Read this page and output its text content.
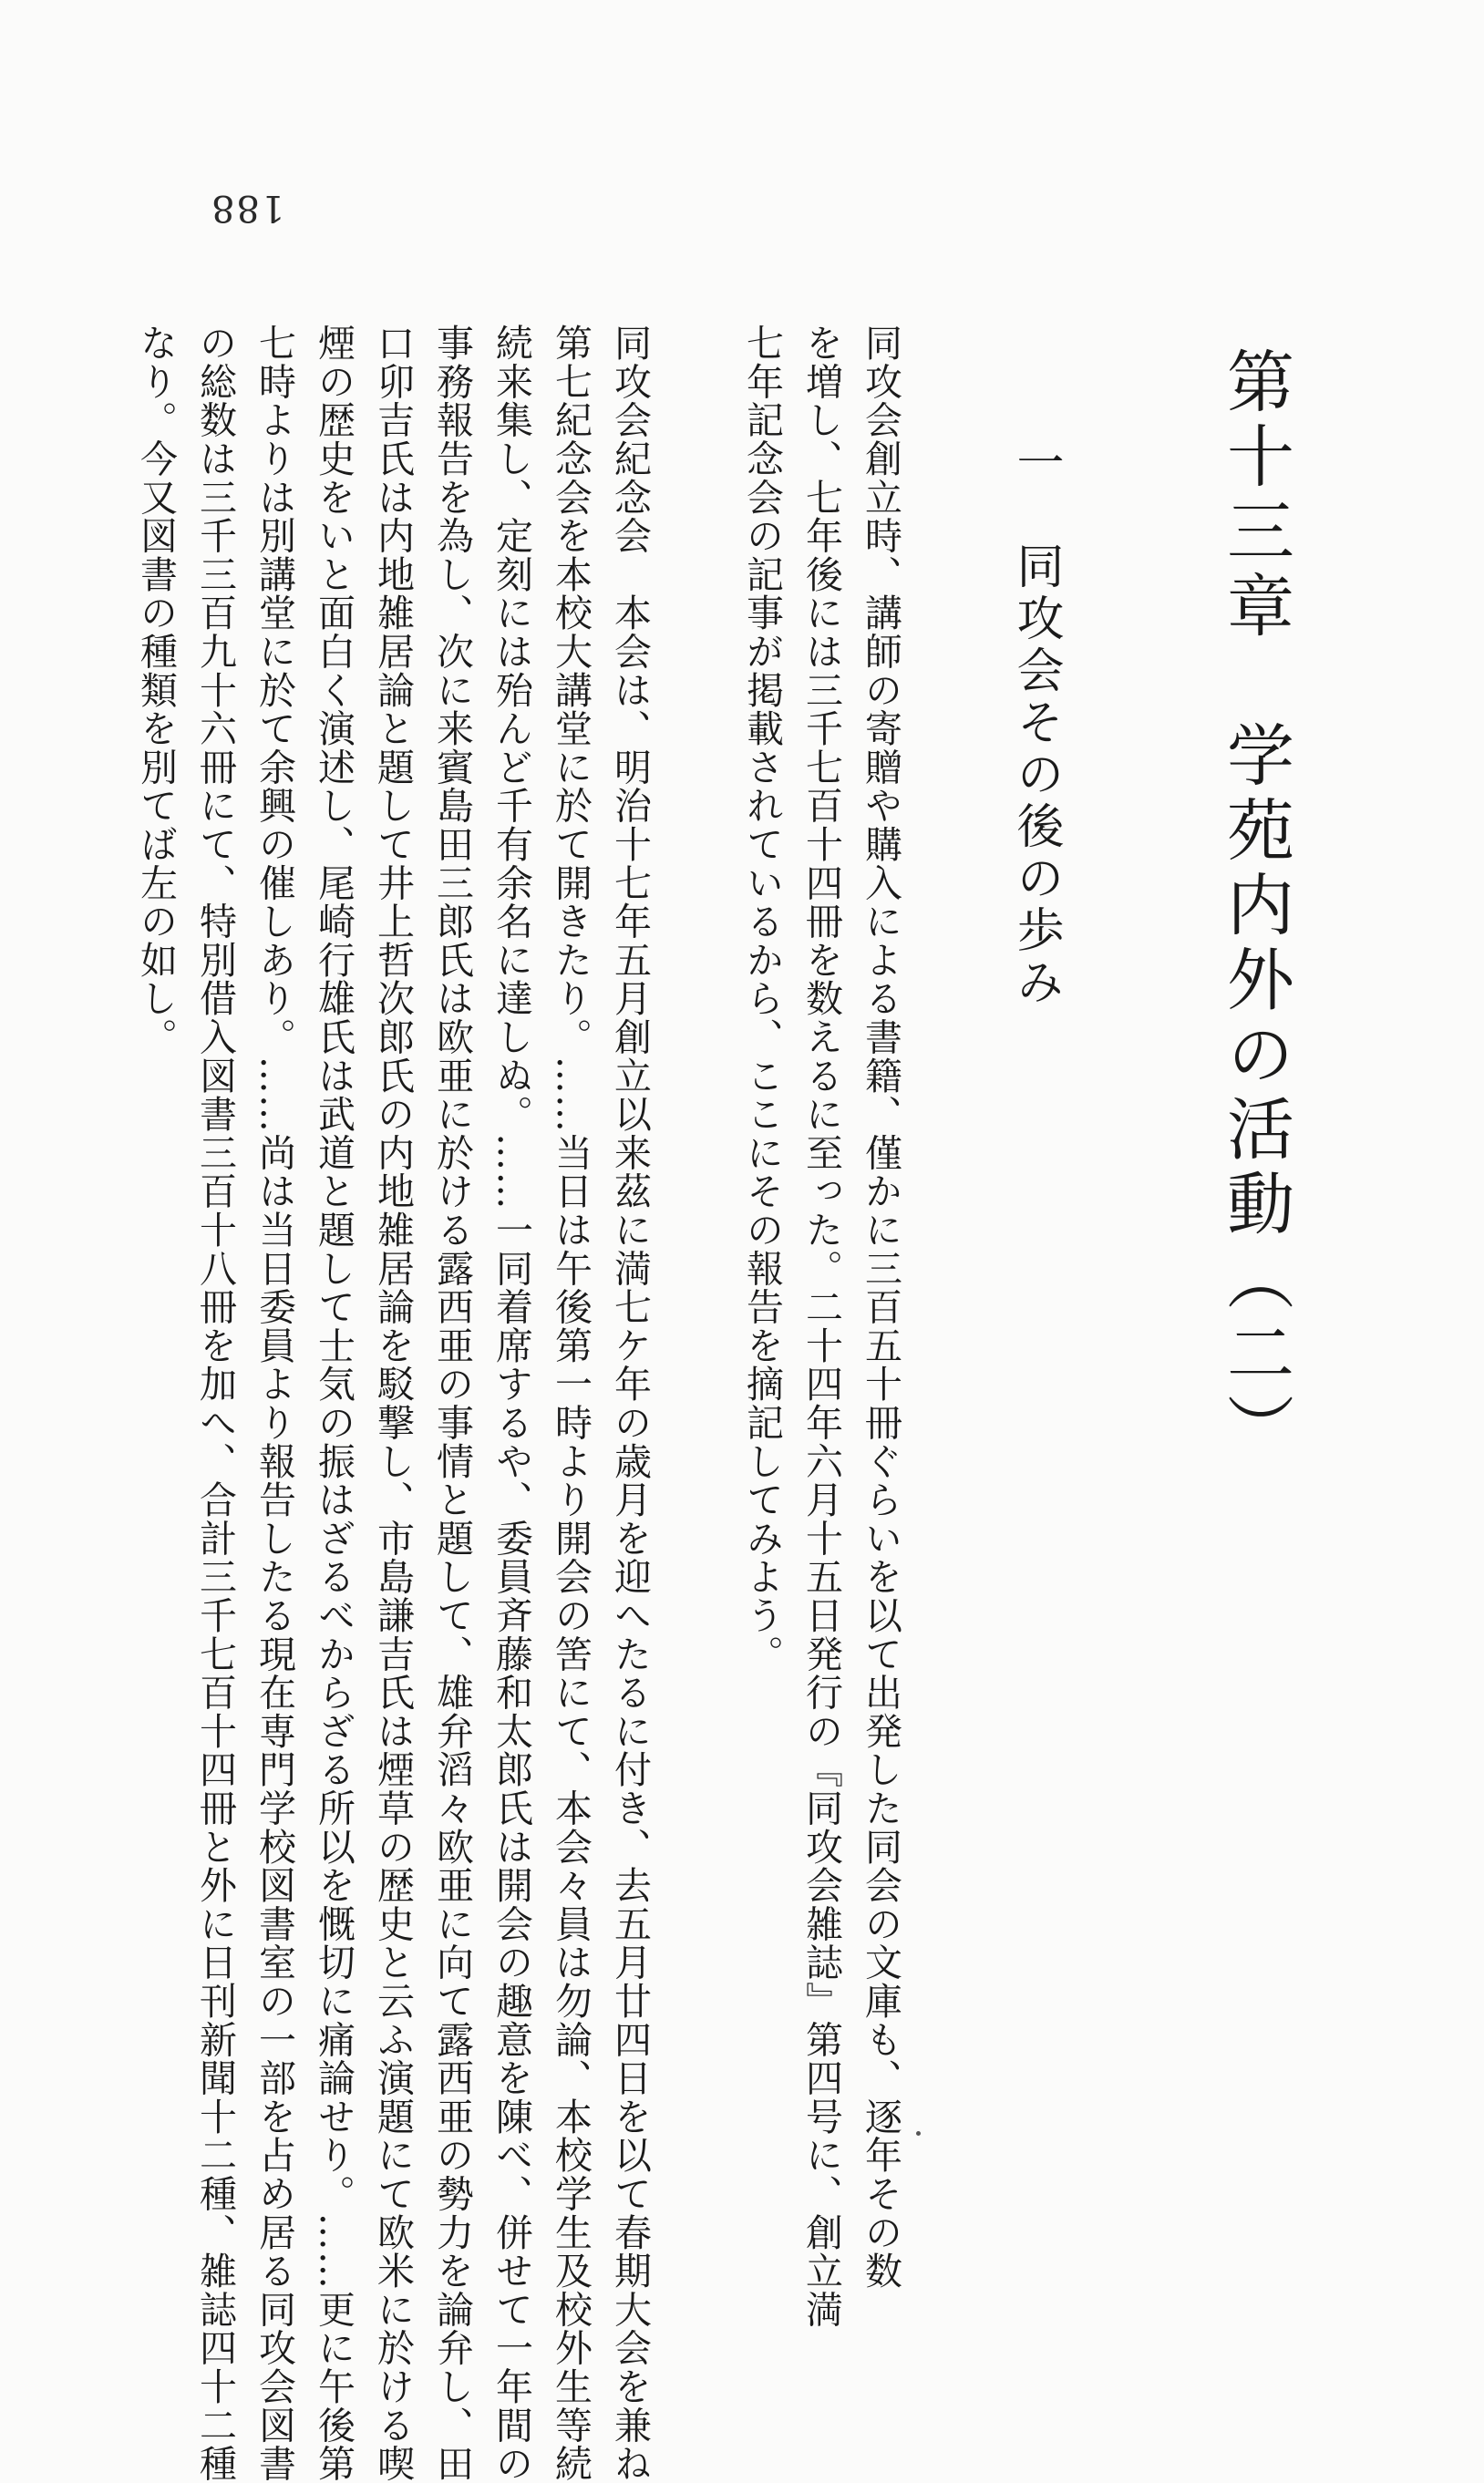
188
第十三章　学苑内外の活動（二）
一　同攻会その後の歩み
同攻会創立時、講師の寄贈や購入による書籍、僅かに三百五十冊ぐらいを以て出発した同会の文庫も、逐年その数
を増し、七年後には三千七百十四冊を数えるに至った。二十四年六月十五日発行の『同攻会雑誌』第四号に、創立満
七年記念会の記事が掲載されているから、ここにその報告を摘記してみよう。
同攻会紀念会　本会は、明治十七年五月創立以来茲に満七ケ年の歳月を迎へたるに付き、去五月廿四日を以て春期大会を兼ね
第七紀念会を本校大講堂に於て開きたり。……当日は午後第一時より開会の筈にて、本会々員は勿論、本校学生及校外生等続
続来集し、定刻には殆んど千有余名に達しぬ。……一同着席するや、委員斉藤和太郎氏は開会の趣意を陳べ、併せて一年間の
事務報告を為し、次に来賓島田三郎氏は欧亜に於ける露西亜の事情と題して、雄弁滔々欧亜に向て露西亜の勢力を論弁し、田
口卯吉氏は内地雑居論と題して井上哲次郎氏の内地雑居論を駁撃し、市島謙吉氏は煙草の歴史と云ふ演題にて欧米に於ける喫
煙の歴史をいと面白く演述し、尾崎行雄氏は武道と題して士気の振はざるべからざる所以を慨切に痛論せり。……更に午後第
七時よりは別講堂に於て余興の催しあり。……尚は当日委員より報告したる現在専門学校図書室の一部を占め居る同攻会図書
の総数は三千三百九十六冊にて、特別借入図書三百十八冊を加へ、合計三千七百十四冊と外に日刊新聞十二種、雑誌四十二種
なり。今又図書の種類を別てば左の如し。
